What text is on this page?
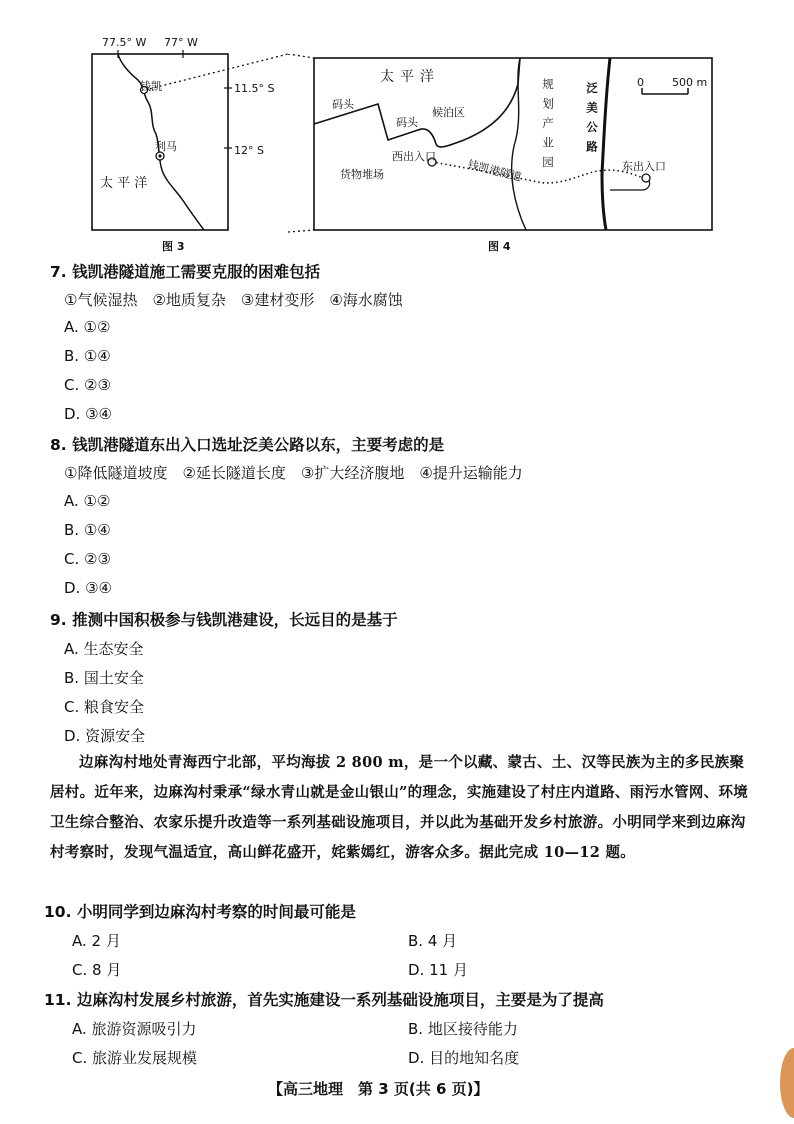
77.5° W 77° W
钱凯
利马
11.5° S
12° S
太 平 洋
图 3
太平洋
码头
码头
候泊区
西出入口
钱凯港隧道
货物堆场	规划产业园	泛美公路
东出入口
0	500 m
图 4
7. 钱凯港隧道施工需要克服的困难包括
①气候湿热　②地质复杂　③建材变形　④海水腐蚀
A. ①②
B. ①④
C. ②③
D. ③④
8. 钱凯港隧道东出入口选址泛美公路以东，主要考虑的是
①降低隧道坡度　②延长隧道长度　③扩大经济腹地　④提升运输能力
A. ①②
B. ①④
C. ②③
D. ③④
9. 推测中国积极参与钱凯港建设，长远目的是基于
A. 生态安全
B. 国土安全
C. 粮食安全
D. 资源安全
边麻沟村地处青海西宁北部，平均海拔 2 800 m，是一个以藏、蒙古、土、汉等民族为主的多民族聚居村。近年来，边麻沟村秉承“绿水青山就是金山银山”的理念，实施建设了村庄内道路、雨污水管网、环境卫生综合整治、农家乐提升改造等一系列基础设施项目，并以此为基础开发乡村旅游。小明同学来到边麻沟村考察时，发现气温适宜，高山鲜花盛开，姹紫嫣红，游客众多。据此完成 10—12 题。
10. 小明同学到边麻沟村考察的时间最可能是
A. 2 月	B. 4 月
C. 8 月	D. 11 月
11. 边麻沟村发展乡村旅游，首先实施建设一系列基础设施项目，主要是为了提高
A. 旅游资源吸引力	B. 地区接待能力
C. 旅游业发展规模	D. 目的地知名度
【高三地理　第 3 页(共 6 页)】
